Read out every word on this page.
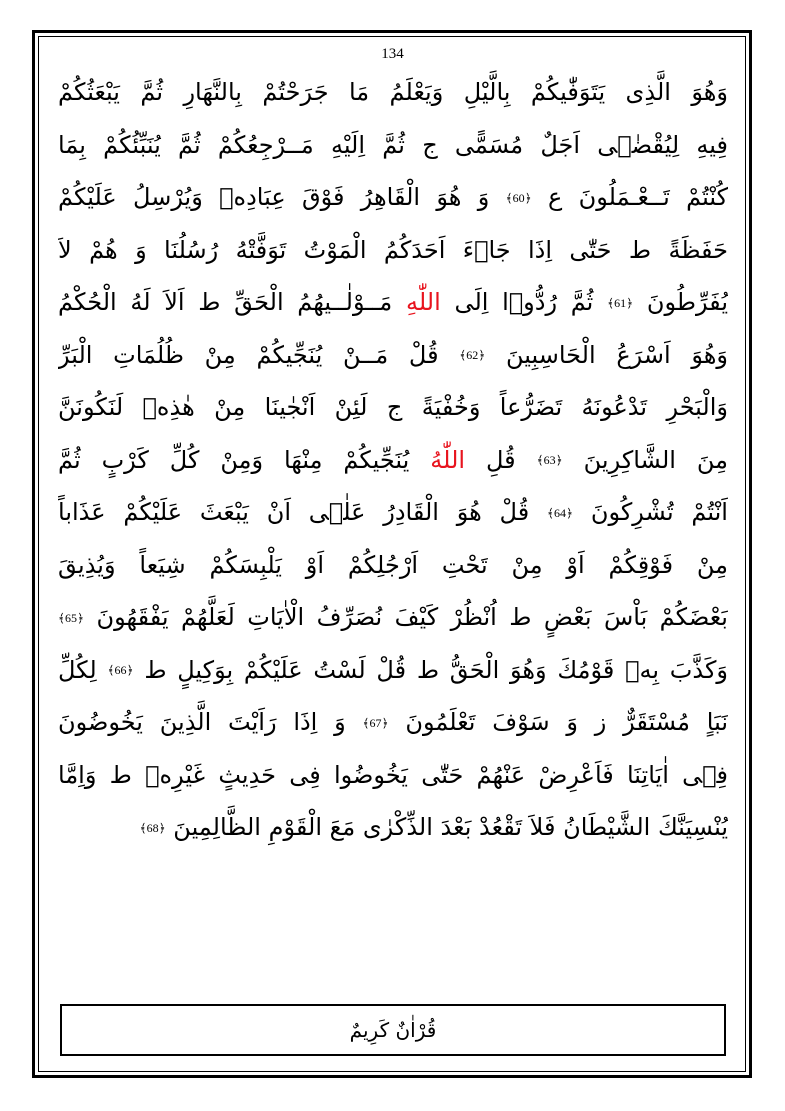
134
وَهُوَ الَّذِى يَتَوَفّٰيكُمْ بِالَّيْلِ وَيَعْلَمُ مَا جَرَحْتُمْ بِالنَّهَارِ ثُمَّ يَبْعَثُكُمْ
فِيهِ لِيُقْضٰۤى اَجَلٌ مُسَمًّى ج ثُمَّ اِلَيْهِ مَــرْجِعُكُمْ ثُمَّ يُنَبِّئُكُمْ بِمَا
كُنْتُمْ تَــعْـمَلُونَ ع ﴾60﴿ وَ هُوَ الْقَاهِرُ فَوْقَ عِبَادِهٖ وَيُرْسِلُ عَلَيْكُمْ
حَفَظَةً ط حَتّٰى اِذَا جَاۤءَ اَحَدَكُمُ الْمَوْتُ تَوَفَّتْهُ رُسُلُنَا وَ هُمْ لاَ
يُفَرِّطُونَ ﴾61﴿ ثُمَّ رُدُّوۤا اِلَى اللّٰهِ مَــوْلٰــيهُمُ الْحَقِّ ط اَلاَ لَهُ الْحُكْمُ
وَهُوَ اَسْرَعُ الْحَاسِبِينَ ﴾62﴿ قُلْ مَــنْ يُنَجِّيكُمْ مِنْ ظُلُمَاتِ الْبَرِّ
وَالْبَحْرِ تَدْعُونَهُ تَضَرُّعاً وَخُفْيَةً ج لَئِنْ اَنْجٰينَا مِنْ هٰذِهٖ لَنَكُونَنَّ
مِنَ الشَّاكِرِينَ ﴾63﴿ قُلِ اللّٰهُ يُنَجِّيكُمْ مِنْهَا وَمِنْ كُلِّ كَرْبٍ ثُمَّ
اَنْتُمْ تُشْرِكُونَ ﴾64﴿ قُلْ هُوَ الْقَادِرُ عَلٰۤى اَنْ يَبْعَثَ عَلَيْكُمْ عَذَاباً
مِنْ فَوْقِكُمْ اَوْ مِنْ تَحْتِ اَرْجُلِكُمْ اَوْ يَلْبِسَكُمْ شِيَعاً وَيُذِيقَ
بَعْضَكُمْ بَاْسَ بَعْضٍ ط اُنْظُرْ كَيْفَ نُصَرِّفُ الْاٰيَاتِ لَعَلَّهُمْ يَفْقَهُونَ ﴾65﴿
وَكَذَّبَ بِهٖ قَوْمُكَ وَهُوَ الْحَقُّ ط قُلْ لَسْتُ عَلَيْكُمْ بِوَكِيلٍ ط ﴾66﴿ لِكُلِّ
نَبَاٍ مُسْتَقَرٌّ ز وَ سَوْفَ تَعْلَمُونَ ﴾67﴿ وَ اِذَا رَاَيْتَ الَّذِينَ يَخُوضُونَ
فِۤى اٰيَاتِنَا فَاَعْرِضْ عَنْهُمْ حَتّٰى يَخُوضُوا فِى حَدِيثٍ غَيْرِهٖ ط وَاِمَّا
يُنْسِيَنَّكَ الشَّيْطَانُ فَلاَ تَقْعُدْ بَعْدَ الذِّكْرٰى مَعَ الْقَوْمِ الظَّالِمِينَ ﴾68﴿
قُرْاٰنٌ كَرِيمٌ
